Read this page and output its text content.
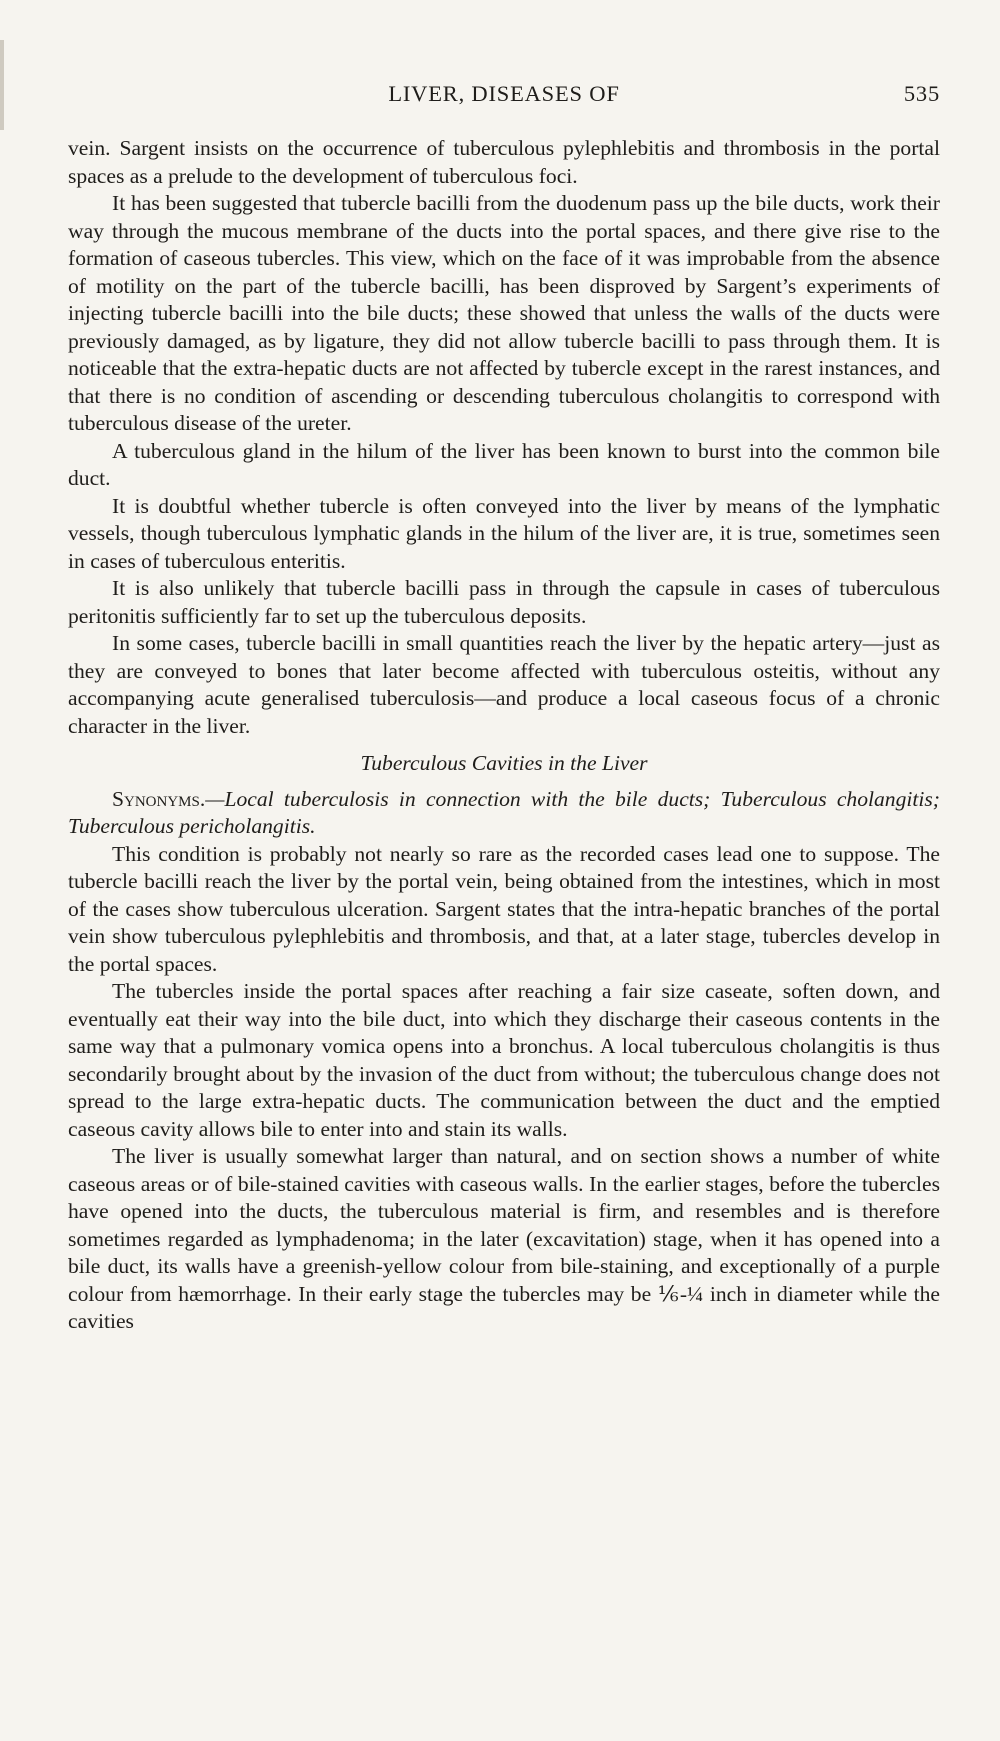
LIVER, DISEASES OF	535

vein. Sargent insists on the occurrence of tuberculous pylephlebitis and thrombosis in the portal spaces as a prelude to the development of tuberculous foci.

It has been suggested that tubercle bacilli from the duodenum pass up the bile ducts, work their way through the mucous membrane of the ducts into the portal spaces, and there give rise to the formation of caseous tubercles. This view, which on the face of it was improbable from the absence of motility on the part of the tubercle bacilli, has been disproved by Sargent’s experiments of injecting tubercle bacilli into the bile ducts; these showed that unless the walls of the ducts were previously damaged, as by ligature, they did not allow tubercle bacilli to pass through them. It is noticeable that the extra-hepatic ducts are not affected by tubercle except in the rarest instances, and that there is no condition of ascending or descending tuberculous cholangitis to correspond with tuberculous disease of the ureter.

A tuberculous gland in the hilum of the liver has been known to burst into the common bile duct.

It is doubtful whether tubercle is often conveyed into the liver by means of the lymphatic vessels, though tuberculous lymphatic glands in the hilum of the liver are, it is true, sometimes seen in cases of tuberculous enteritis.

It is also unlikely that tubercle bacilli pass in through the capsule in cases of tuberculous peritonitis sufficiently far to set up the tuberculous deposits.

In some cases, tubercle bacilli in small quantities reach the liver by the hepatic artery—just as they are conveyed to bones that later become affected with tuberculous osteitis, without any accompanying acute generalised tuberculosis—and produce a local caseous focus of a chronic character in the liver.

Tuberculous Cavities in the Liver

Synonyms.—Local tuberculosis in connection with the bile ducts; Tuberculous cholangitis; Tuberculous pericholangitis.

This condition is probably not nearly so rare as the recorded cases lead one to suppose. The tubercle bacilli reach the liver by the portal vein, being obtained from the intestines, which in most of the cases show tuberculous ulceration. Sargent states that the intra-hepatic branches of the portal vein show tuberculous pylephlebitis and thrombosis, and that, at a later stage, tubercles develop in the portal spaces.

The tubercles inside the portal spaces after reaching a fair size caseate, soften down, and eventually eat their way into the bile duct, into which they discharge their caseous contents in the same way that a pulmonary vomica opens into a bronchus. A local tuberculous cholangitis is thus secondarily brought about by the invasion of the duct from without; the tuberculous change does not spread to the large extra-hepatic ducts. The communication between the duct and the emptied caseous cavity allows bile to enter into and stain its walls.

The liver is usually somewhat larger than natural, and on section shows a number of white caseous areas or of bile-stained cavities with caseous walls. In the earlier stages, before the tubercles have opened into the ducts, the tuberculous material is firm, and resembles and is therefore sometimes regarded as lymphadenoma; in the later (excavitation) stage, when it has opened into a bile duct, its walls have a greenish-yellow colour from bile-staining, and exceptionally of a purple colour from hæmorrhage. In their early stage the tubercles may be ⅙-¼ inch in diameter while the cavities
